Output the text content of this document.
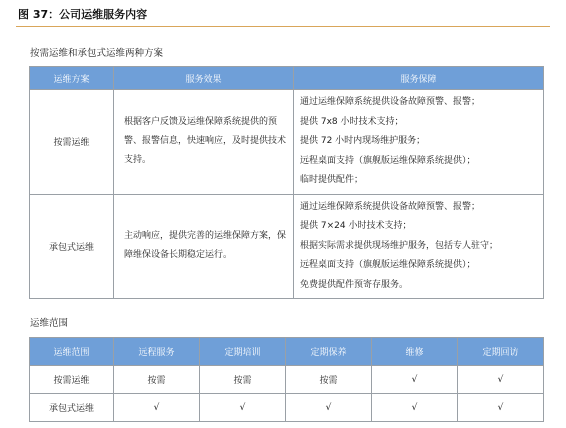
图 37：公司运维服务内容
按需运维和承包式运维两种方案
运维方案	服务效果	服务保障
按需运维	根据客户反馈及运维保障系统提供的预警、报警信息，快速响应，及时提供技术支持。	通过运维保障系统提供设备故障预警、报警；
提供 7x8 小时技术支持；
提供 72 小时内现场维护服务；
远程桌面支持（旗舰版运维保障系统提供）；
临时提供配件；

承包式运维	主动响应，提供完善的运维保障方案，保障维保设备长期稳定运行。	通过运维保障系统提供设备故障预警、报警；
提供 7×24 小时技术支持；
根据实际需求提供现场维护服务，包括专人驻守；
远程桌面支持（旗舰版运维保障系统提供）；
免费提供配件预寄存服务。
运维范围
运维范围	远程服务	定期培训	定期保养	维修	定期回访
按需运维	按需	按需	按需	√	√
承包式运维	√	√	√	√	√
